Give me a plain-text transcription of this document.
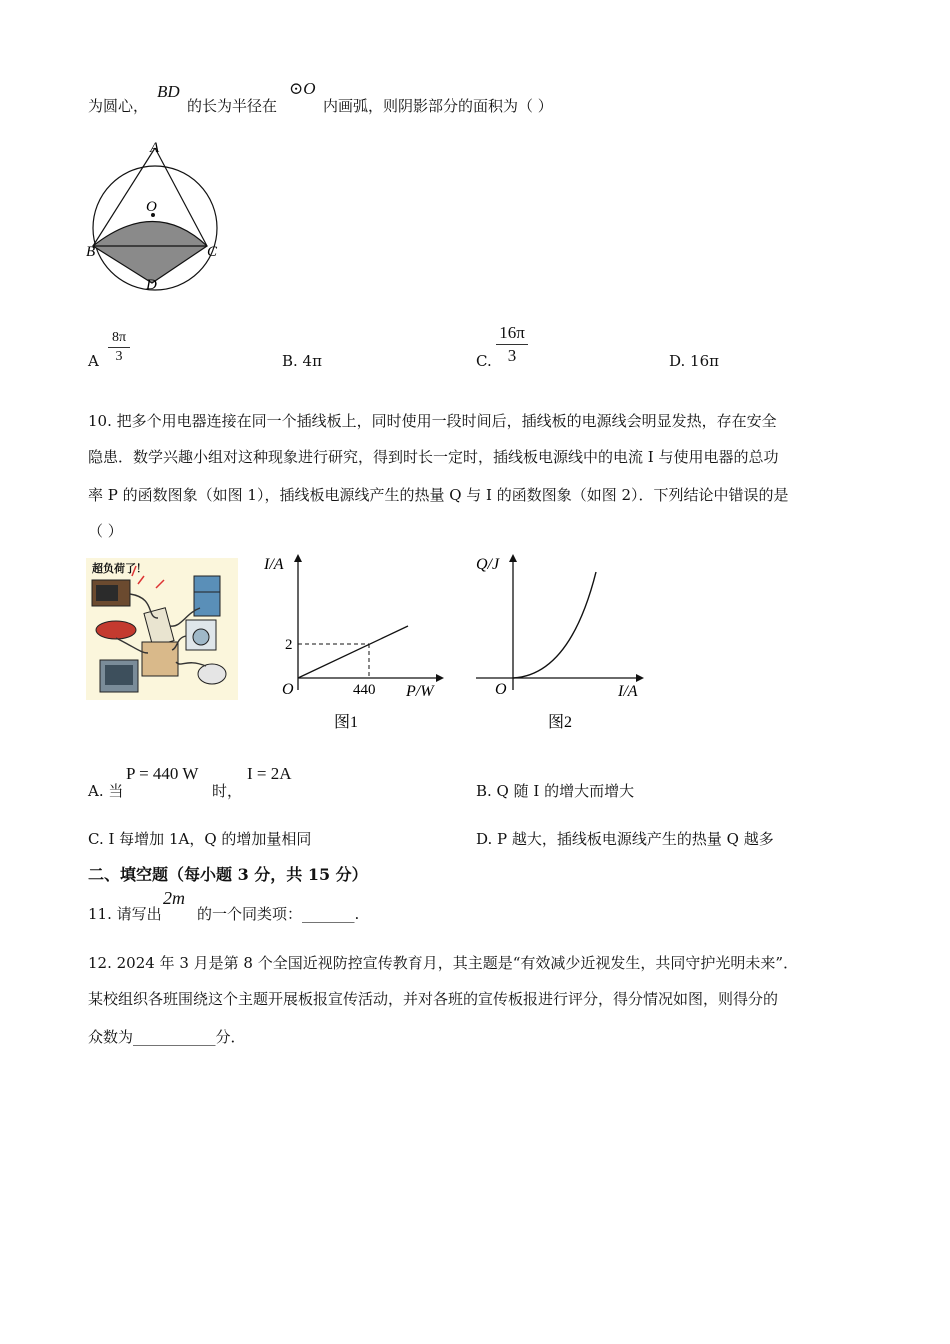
为圆心，
BD
的长为半径在
⊙O
内画弧，则阴影部分的面积为（ ）
A
O
B	C
D
A
8π
3	B. 4π	C.
16π
3	D. 16π
10. 把多个用电器连接在同一个插线板上，同时使用一段时间后，插线板的电源线会明显发热，存在安全
隐患．数学兴趣小组对这种现象进行研究，得到时长一定时，插线板电源线中的电流 I 与使用电器的总功
率 P 的函数图象（如图 1），插线板电源线产生的热量 Q 与 I 的函数图象（如图 2）．下列结论中错误的是
（ ）
超负荷了！	I/A
P/W
2
440
O
图1
Q/J
I/A
O
图2
A. 当
P = 440 W
时，
I = 2A
B. Q 随 I 的增大而增大
C. I 每增加 1A，Q 的增加量相同	D. P 越大，插线板电源线产生的热量 Q 越多
二、填空题（每小题 3 分，共 15 分）
11. 请写出
2m
的一个同类项：_______.
12. 2024 年 3 月是第 8 个全国近视防控宣传教育月，其主题是“有效减少近视发生，共同守护光明未来”．
某校组织各班围绕这个主题开展板报宣传活动，并对各班的宣传板报进行评分，得分情况如图，则得分的
众数为___________分．
